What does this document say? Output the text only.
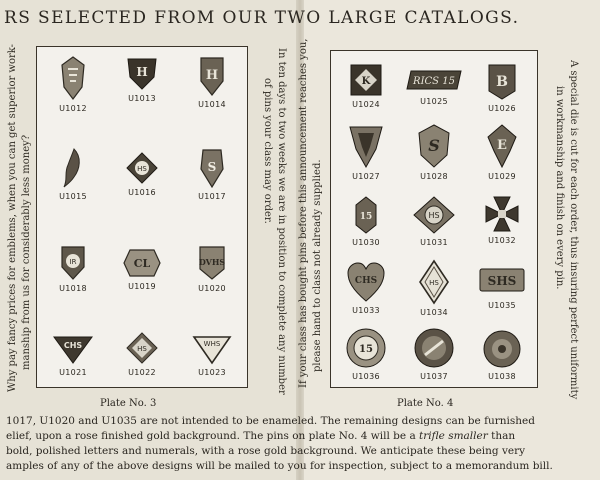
RS SELECTED FROM OUR TWO LARGE CATALOGS.
Why pay fancy prices for emblems, when you can get superior work- manship from us for considerably less money?	In ten days to two weeks we are in position to complete any number
of pins your class may order.	If your class has bought pins before this announcement reaches you, please hand to class not already supplied.	A special die is cut for each order, thus insuring perfect uniformity
in workmanship and finish on every pin.
U1012
H
U1013
H
U1014
U1015
HS
U1016
S
U1017
IR
U1018
CL
U1019
DVHS
U1020
CHS
U1021
HS
U1022
WHS
U1023
Plate No. 3
K
U1024
RICS 15
U1025
B
U1026
U1027
S
U1028
E
U1029
15
U1030
HS
U1031	U1032
CHS
U1033
HS
U1034
SHS
U1035
15
U1036	U1037	U1038
Plate No. 4
1017, U1020 and U1035 are not intended to be enameled. The remaining designs can be furnished
elief, upon a rose finished gold background. The pins on plate No. 4 will be a trifle smaller than
bold, polished letters and numerals, with a rose gold background. We anticipate these being very
amples of any of the above designs will be mailed to you for inspection, subject to a memorandum bill.
